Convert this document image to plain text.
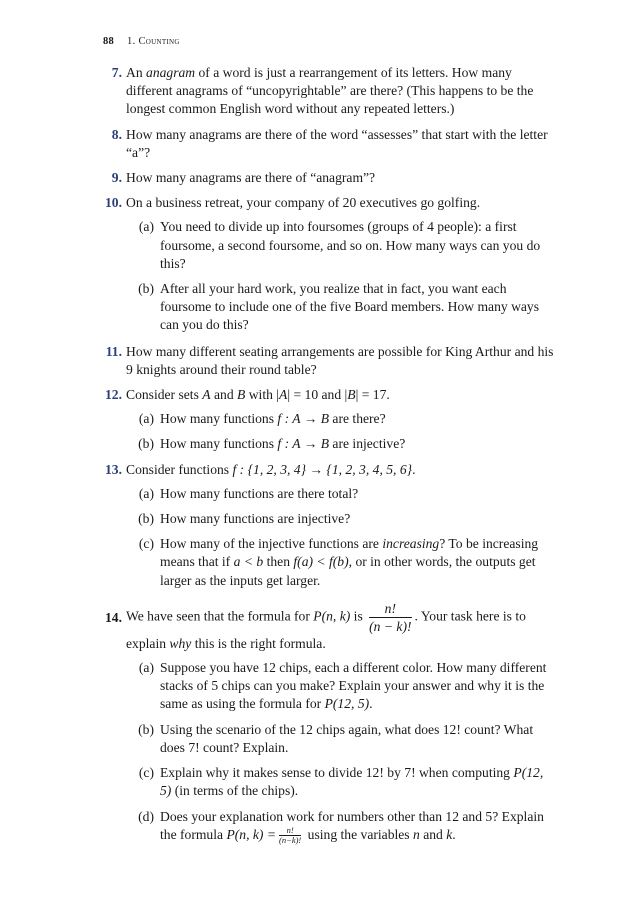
88 1. Counting
7. An anagram of a word is just a rearrangement of its letters. How many different anagrams of “uncopyrightable” are there? (This happens to be the longest common English word without any repeated letters.)
8. How many anagrams are there of the word “assesses” that start with the letter “a”?
9. How many anagrams are there of “anagram”?
10. On a business retreat, your company of 20 executives go golfing.
(a) You need to divide up into foursomes (groups of 4 people): a first foursome, a second foursome, and so on. How many ways can you do this?
(b) After all your hard work, you realize that in fact, you want each foursome to include one of the five Board members. How many ways can you do this?
11. How many different seating arrangements are possible for King Arthur and his 9 knights around their round table?
12. Consider sets A and B with |A| = 10 and |B| = 17.
(a) How many functions f : A → B are there?
(b) How many functions f : A → B are injective?
13. Consider functions f : {1, 2, 3, 4} → {1, 2, 3, 4, 5, 6}.
(a) How many functions are there total?
(b) How many functions are injective?
(c) How many of the injective functions are increasing? To be increasing means that if a < b then f(a) < f(b), or in other words, the outputs get larger as the inputs get larger.
14. We have seen that the formula for P(n, k) is $\frac{n!}{(n - k)!}$ . Your task here is to explain why this is the right formula.
(a) Suppose you have 12 chips, each a different color. How many different stacks of 5 chips can you make? Explain your answer and why it is the same as using the formula for P(12, 5).
(b) Using the scenario of the 12 chips again, what does 12! count? What does 7! count? Explain.
(c) Explain why it makes sense to divide 12! by 7! when computing P(12, 5) (in terms of the chips).
(d) Does your explanation work for numbers other than 12 and 5? Explain the formula P(n, $k) = \frac{n!}{(n-k)!}$ using the variables n and k.
